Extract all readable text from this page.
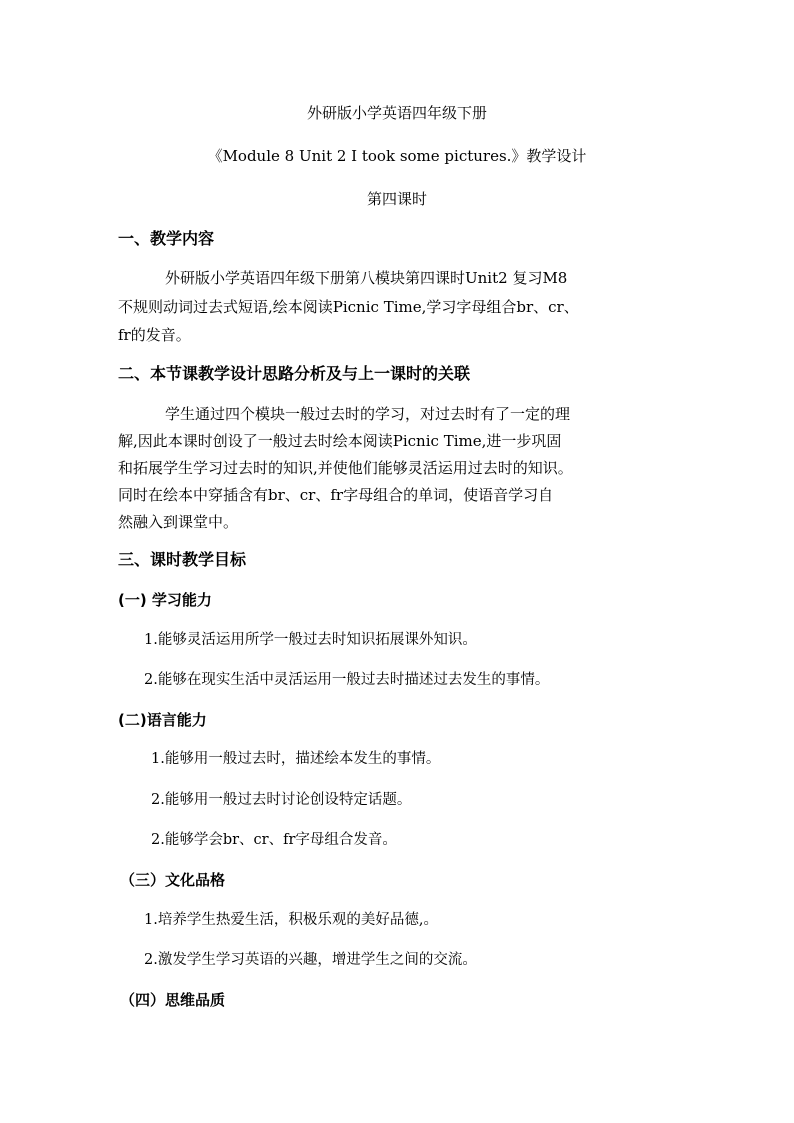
外研版小学英语四年级下册
《Module 8 Unit 2 I took some pictures.》教学设计
第四课时
一、教学内容
外研版小学英语四年级下册第八模块第四课时Unit2 复习M8
不规则动词过去式短语,绘本阅读Picnic Time,学习字母组合br、cr、
fr的发音。
二、本节课教学设计思路分析及与上一课时的关联
学生通过四个模块一般过去时的学习，对过去时有了一定的理
解,因此本课时创设了一般过去时绘本阅读Picnic Time,进一步巩固
和拓展学生学习过去时的知识,并使他们能够灵活运用过去时的知识。
同时在绘本中穿插含有br、cr、fr字母组合的单词，使语音学习自
然融入到课堂中。
三、课时教学目标
(一) 学习能力
1.能够灵活运用所学一般过去时知识拓展课外知识。
2.能够在现实生活中灵活运用一般过去时描述过去发生的事情。
(二)语言能力
1.能够用一般过去时，描述绘本发生的事情。
2.能够用一般过去时讨论创设特定话题。
2.能够学会br、cr、fr字母组合发音。
（三）文化品格
1.培养学生热爱生活，积极乐观的美好品德,。
2.激发学生学习英语的兴趣，增进学生之间的交流。
（四）思维品质
